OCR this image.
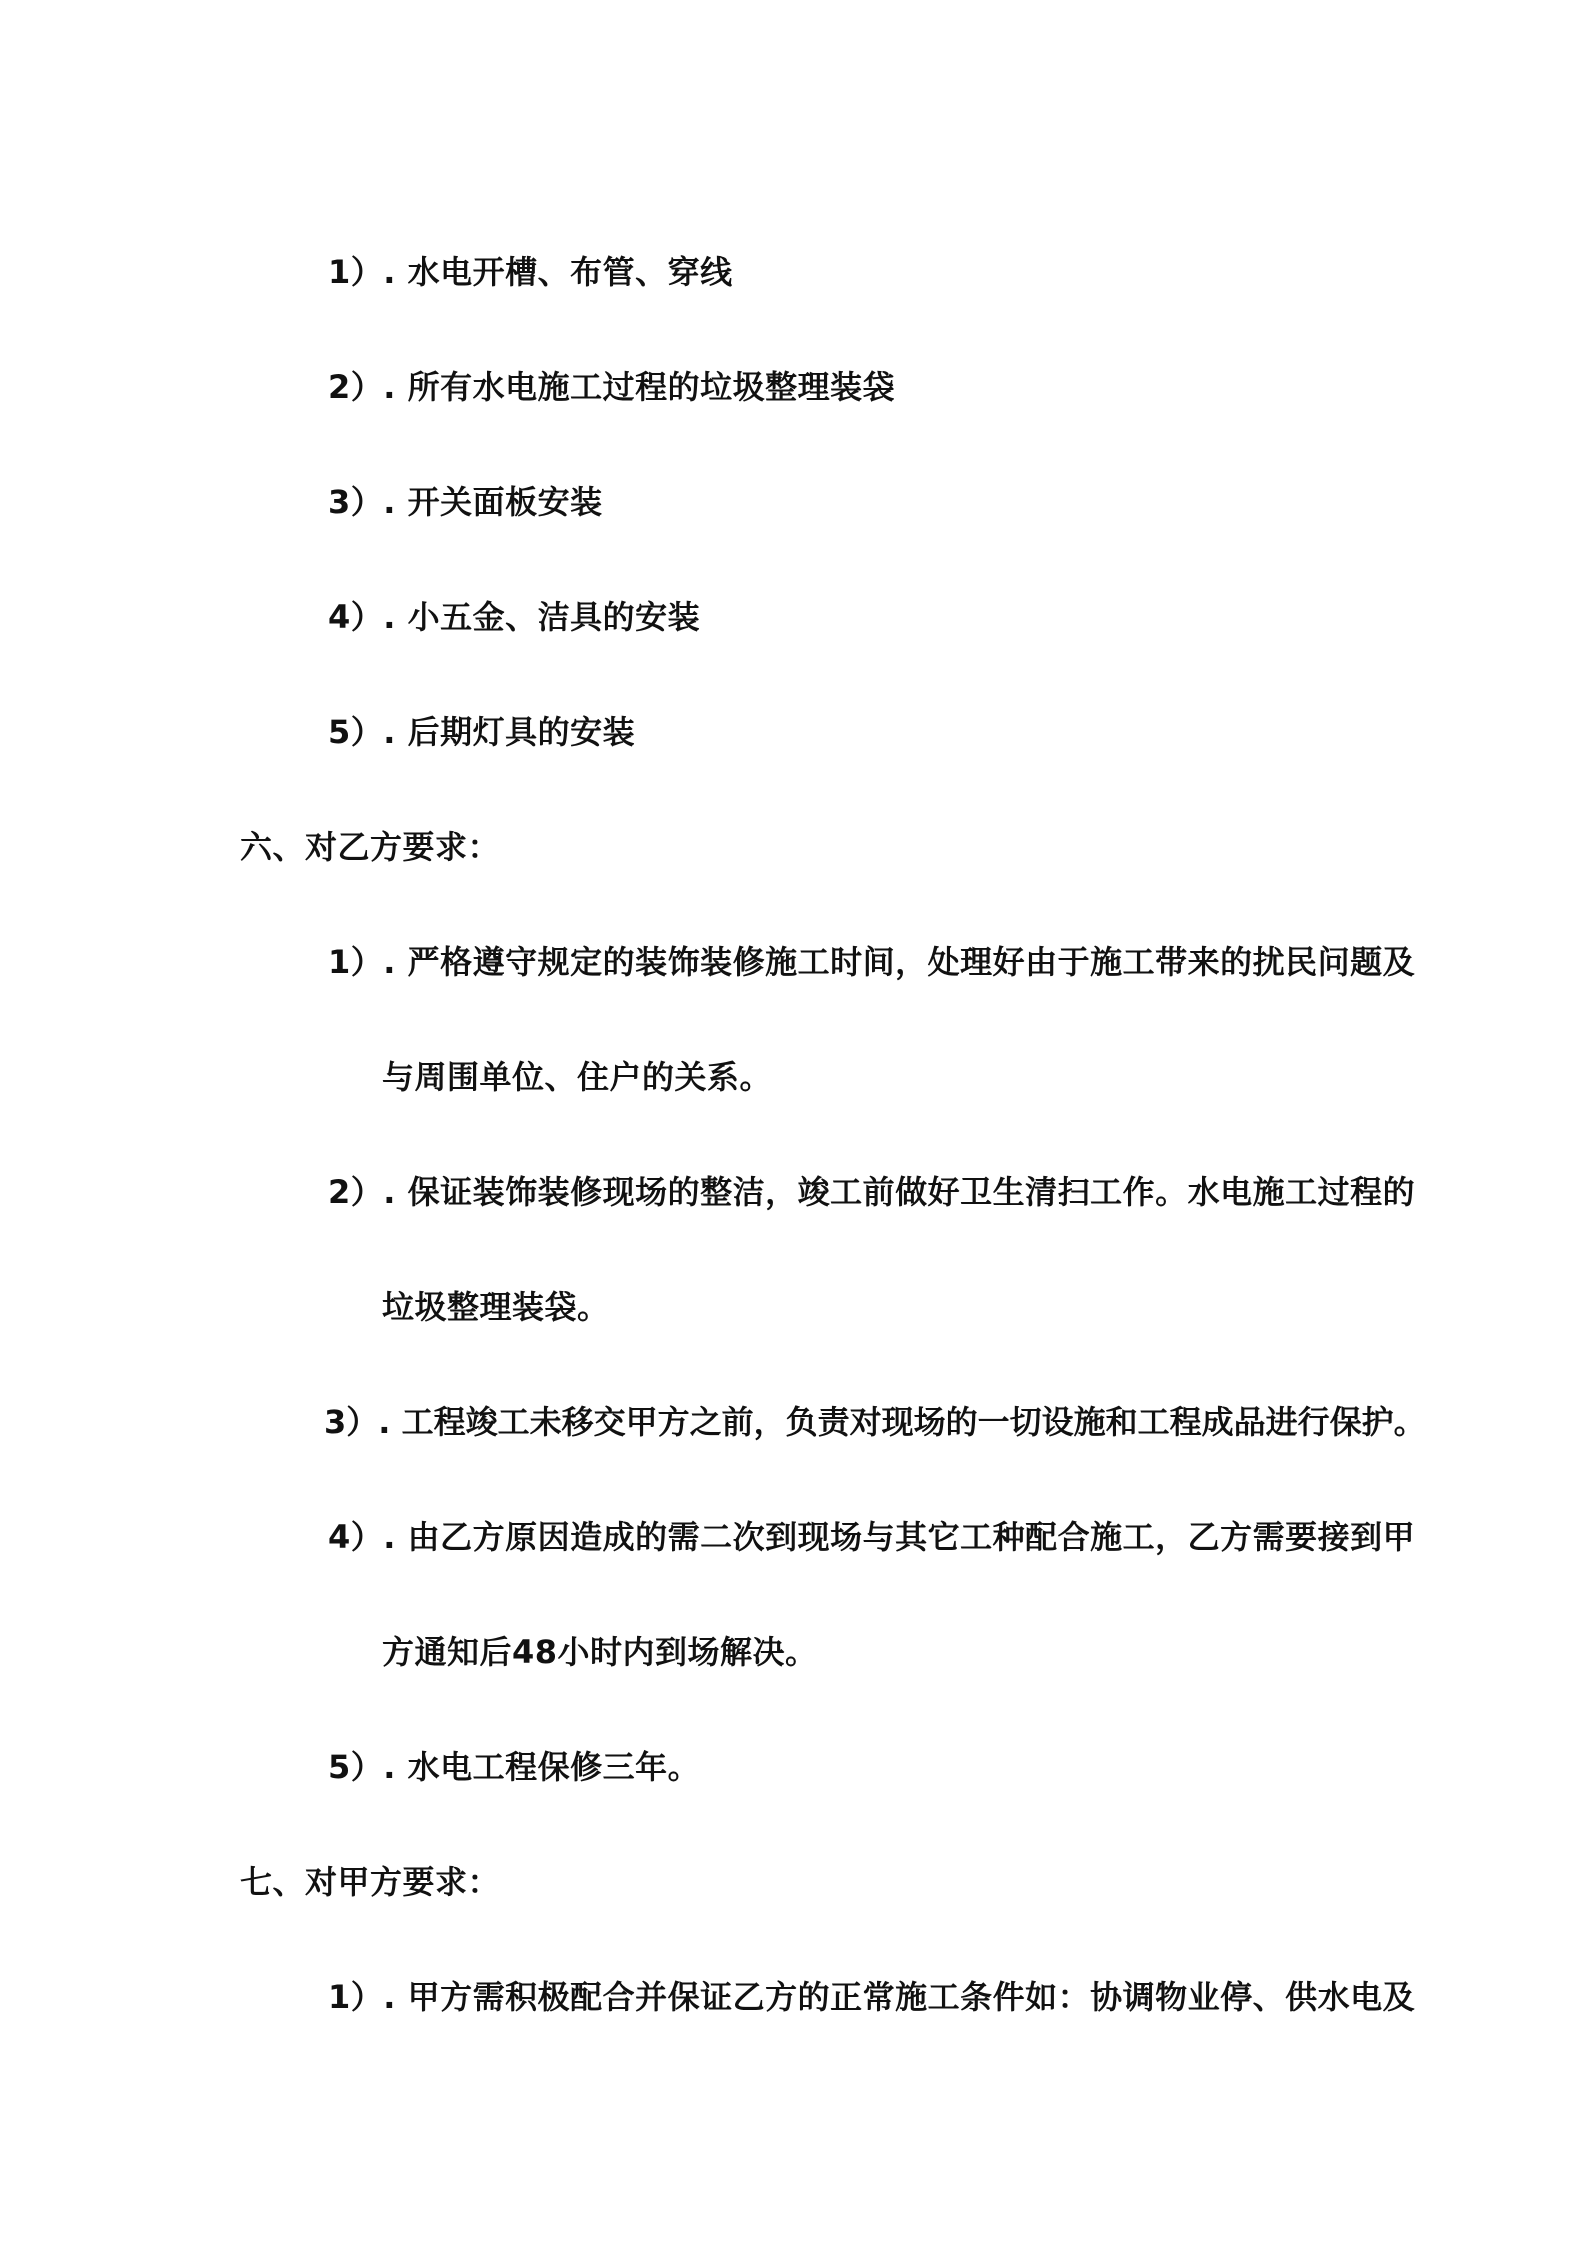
1）. 水电开槽、布管、穿线
2）. 所有水电施工过程的垃圾整理装袋
3）. 开关面板安装
4）. 小五金、洁具的安装
5）. 后期灯具的安装
六、对乙方要求：
1）. 严格遵守规定的装饰装修施工时间，处理好由于施工带来的扰民问题及
与周围单位、住户的关系。
2）. 保证装饰装修现场的整洁，竣工前做好卫生清扫工作。水电施工过程的
垃圾整理装袋。
3）. 工程竣工未移交甲方之前，负责对现场的一切设施和工程成品进行保护。
4）. 由乙方原因造成的需二次到现场与其它工种配合施工，乙方需要接到甲
方通知后48小时内到场解决。
5）. 水电工程保修三年。
七、对甲方要求：
1）. 甲方需积极配合并保证乙方的正常施工条件如：协调物业停、供水电及
